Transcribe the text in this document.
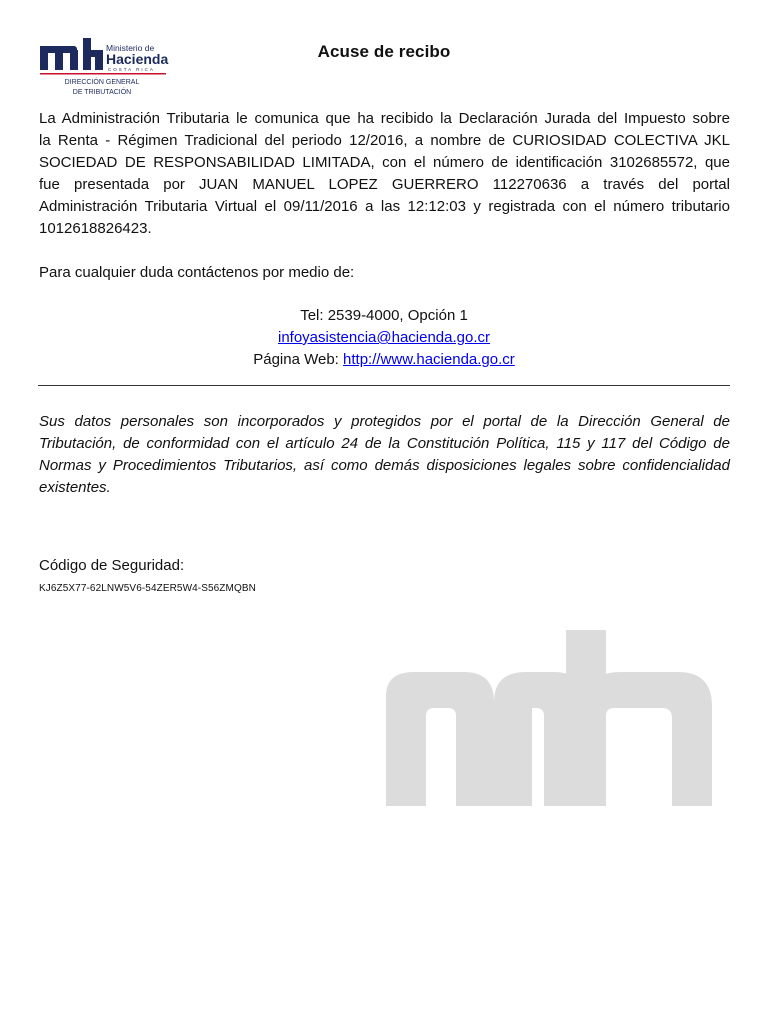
Ministerio de
Hacienda
COSTA RICA
DIRECCIÓN GENERAL
DE TRIBUTACIÓN
Acuse de recibo

La Administración Tributaria le comunica que ha recibido la Declaración Jurada del Impuesto sobre
la Renta - Régimen Tradicional del periodo 12/2016, a nombre de CURIOSIDAD COLECTIVA JKL
SOCIEDAD DE RESPONSABILIDAD LIMITADA, con el número de identificación 3102685572, que
fue presentada por JUAN MANUEL LOPEZ GUERRERO 112270636 a través del portal
Administración Tributaria Virtual el 09/11/2016 a las 12:12:03 y registrada con el número tributario
1012618826423.

Para cualquier duda contáctenos por medio de:
Tel: 2539-4000, Opción 1
infoyasistencia@hacienda.go.cr
Página Web: http://www.hacienda.go.cr

Sus datos personales son incorporados y protegidos por el portal de la Dirección General de
Tributación, de conformidad con el artículo 24 de la Constitución Política, 115 y 117 del Código de
Normas y Procedimientos Tributarios, así como demás disposiciones legales sobre confidencialidad
existentes.

Código de Seguridad:
KJ6Z5X77-62LNW5V6-54ZER5W4-S56ZMQBN
